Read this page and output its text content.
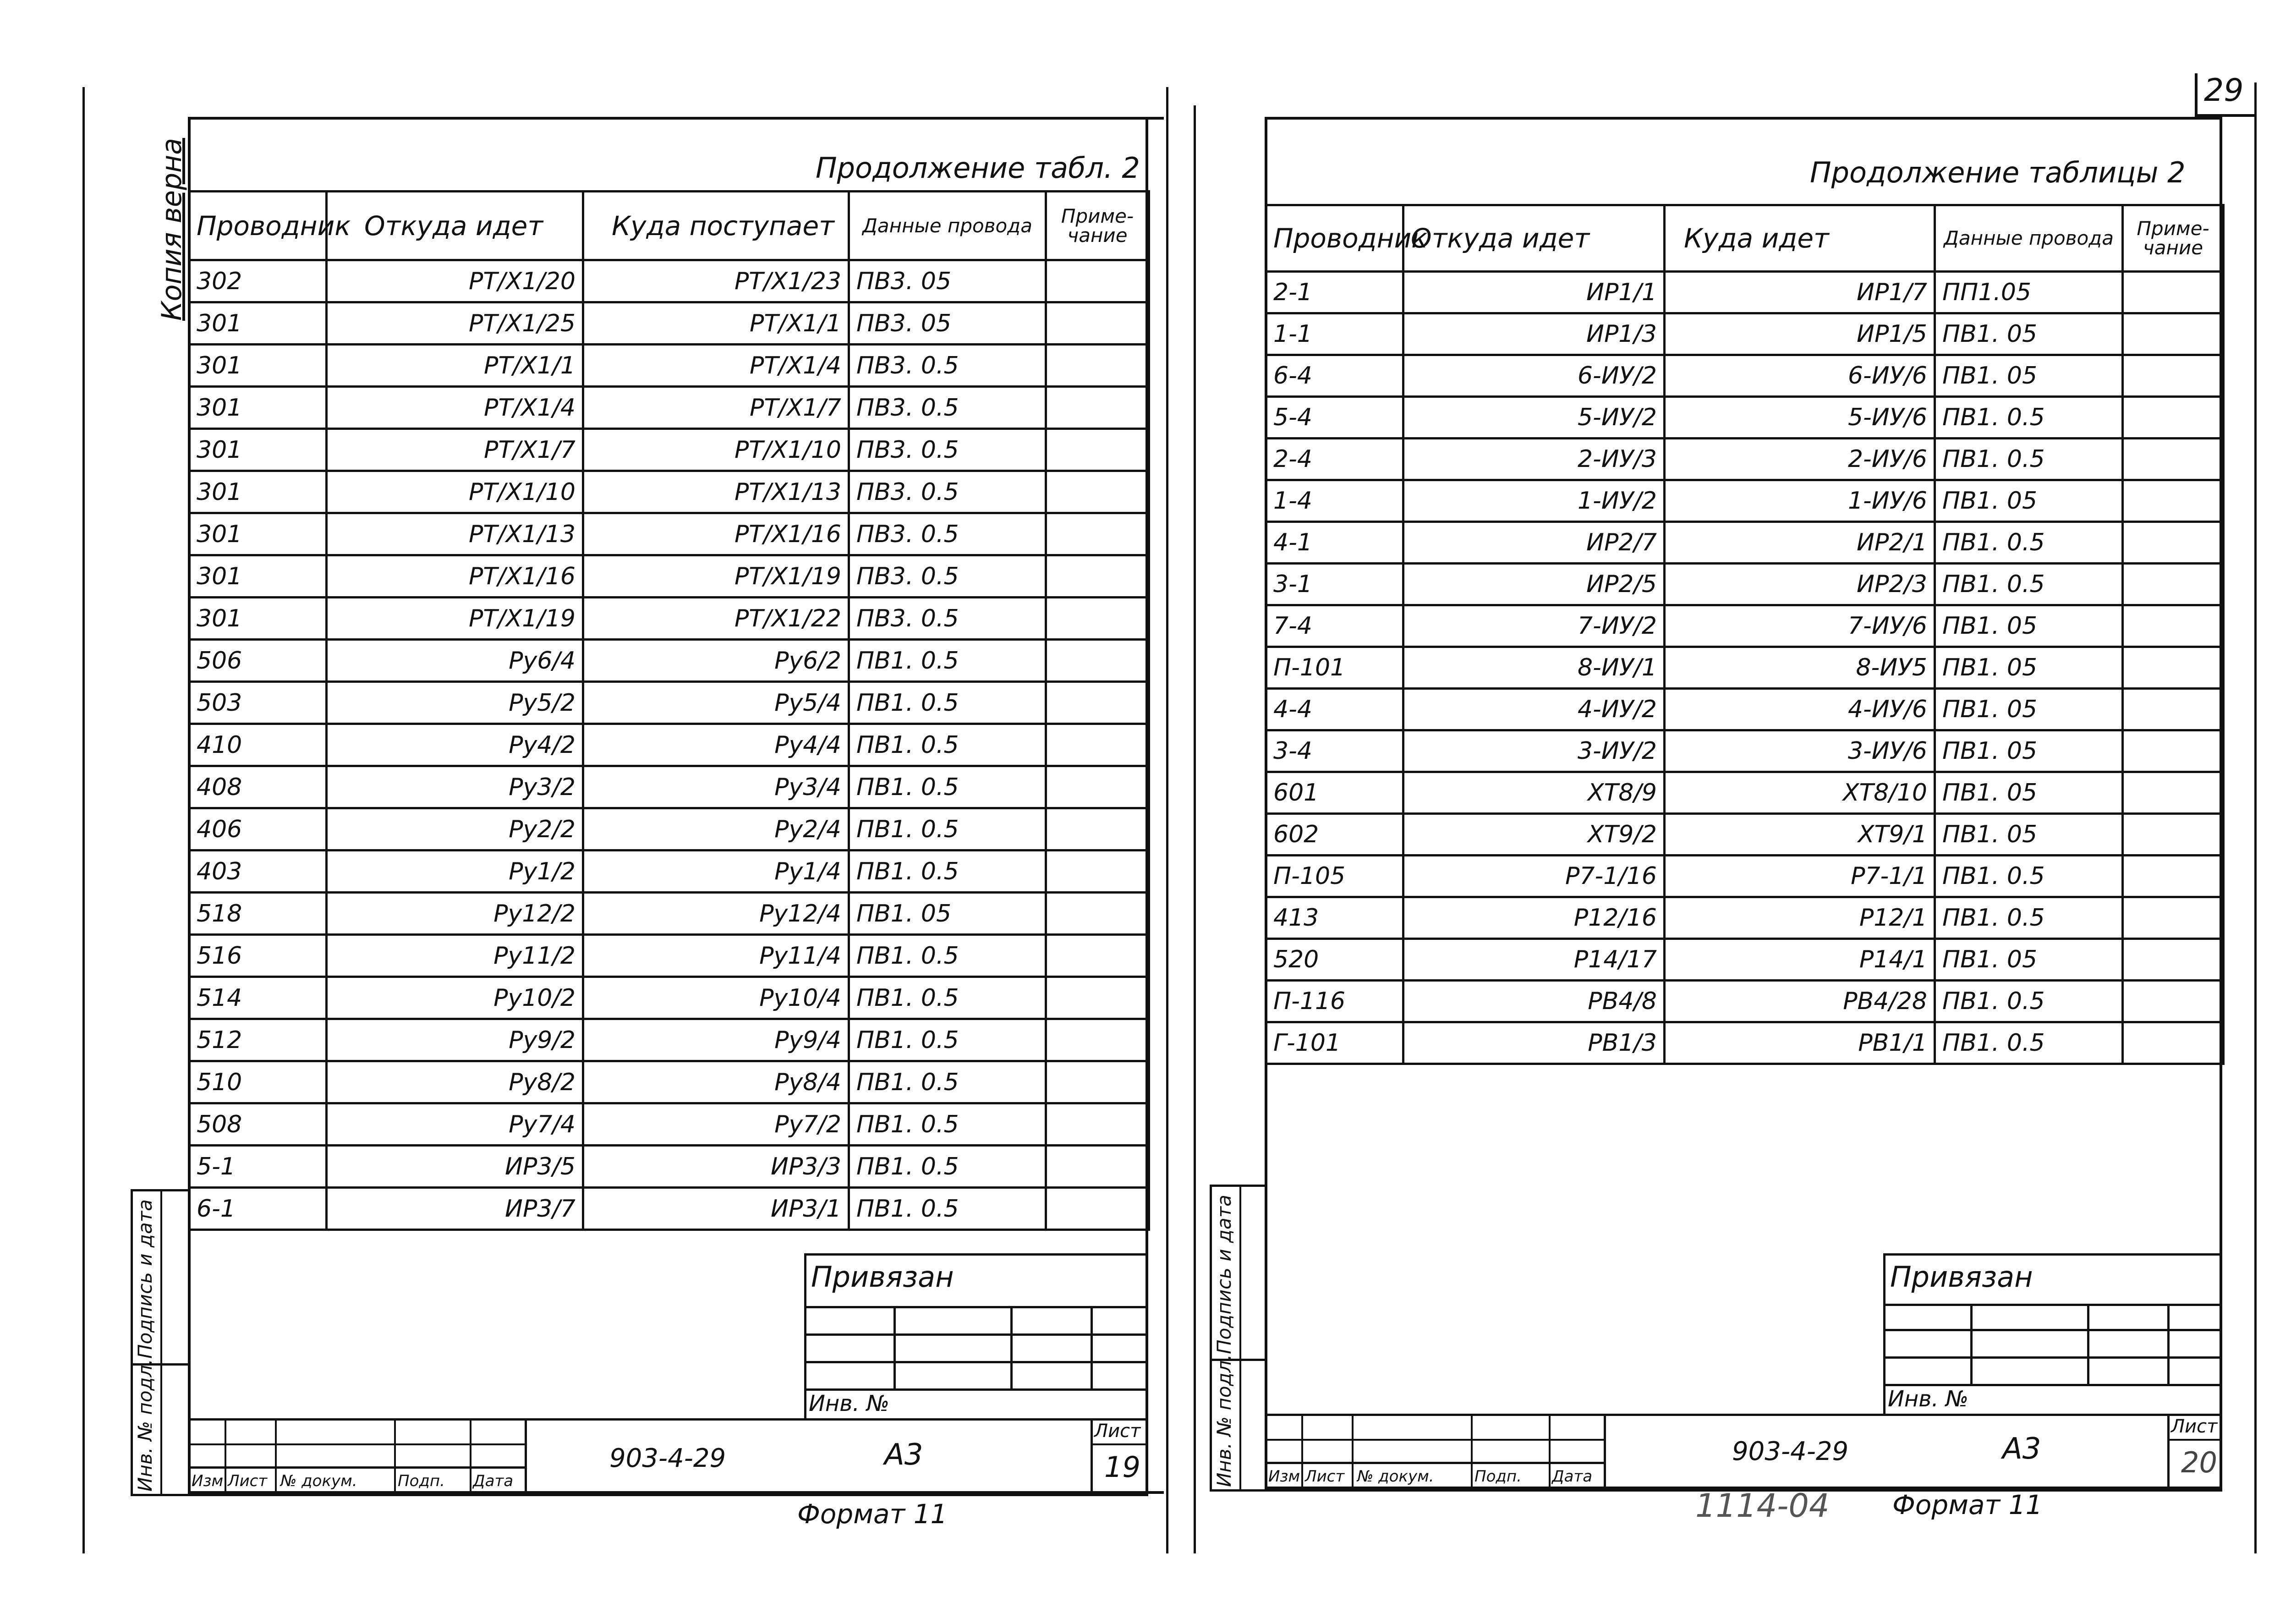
29
Копия верна	Продолжение табл. 2
Проводник	Откуда идет	Куда поступает	Данные провода	Приме-чание
302	PT/X1/20	PT/X1/23	ПВ3. 05	
301	PT/X1/25	PT/X1/1	ПВ3. 05	
301	PT/X1/1	PT/X1/4	ПВ3. 0.5	
301	PT/X1/4	PT/X1/7	ПВ3. 0.5	
301	PT/X1/7	PT/X1/10	ПВ3. 0.5	
301	PT/X1/10	PT/X1/13	ПВ3. 0.5	
301	PT/X1/13	PT/X1/16	ПВ3. 0.5	
301	PT/X1/16	PT/X1/19	ПВ3. 0.5	
301	PT/X1/19	PT/X1/22	ПВ3. 0.5	
506	Ру6/4	Ру6/2	ПВ1. 0.5	
503	Ру5/2	Ру5/4	ПВ1. 0.5	
410	Ру4/2	Ру4/4	ПВ1. 0.5	
408	Ру3/2	Ру3/4	ПВ1. 0.5	
406	Ру2/2	Ру2/4	ПВ1. 0.5	
403	Ру1/2	Ру1/4	ПВ1. 0.5	
518	Ру12/2	Ру12/4	ПВ1. 05	
516	Ру11/2	Ру11/4	ПВ1. 0.5	
514	Ру10/2	Ру10/4	ПВ1. 0.5	
512	Ру9/2	Ру9/4	ПВ1. 0.5	
510	Ру8/2	Ру8/4	ПВ1. 0.5	
508	Ру7/4	Ру7/2	ПВ1. 0.5	
5-1	ИР3/5	ИР3/3	ПВ1. 0.5	
6-1	ИР3/7	ИР3/1	ПВ1. 0.5	
Привязан
Инв. №
Изм Лист № докум.	Подп. Дата
903-4-29	А3
Лист
19
Формат 11
Инв. № подл.
Подпись и дата
Продолжение таблицы 2
Проводник	Откуда идет	Куда идет	Данные провода	Приме-чание
2-1	ИР1/1	ИР1/7	ПП1.05	
1-1	ИР1/3	ИР1/5	ПВ1. 05	
6-4	6-ИУ/2	6-ИУ/6	ПВ1. 05	
5-4	5-ИУ/2	5-ИУ/6	ПВ1. 0.5	
2-4	2-ИУ/3	2-ИУ/6	ПВ1. 0.5	
1-4	1-ИУ/2	1-ИУ/6	ПВ1. 05	
4-1	ИР2/7	ИР2/1	ПВ1. 0.5	
3-1	ИР2/5	ИР2/3	ПВ1. 0.5	
7-4	7-ИУ/2	7-ИУ/6	ПВ1. 05	
П-101	8-ИУ/1	8-ИУ5	ПВ1. 05	
4-4	4-ИУ/2	4-ИУ/6	ПВ1. 05	
3-4	3-ИУ/2	3-ИУ/6	ПВ1. 05	
601	XT8/9	XT8/10	ПВ1. 05	
602	XT9/2	XT9/1	ПВ1. 05	
П-105	P7-1/16	P7-1/1	ПВ1. 0.5	
413	P12/16	P12/1	ПВ1. 0.5	
520	P14/17	P14/1	ПВ1. 05	
П-116	PB4/8	PB4/28	ПВ1. 0.5	
Г-101	PB1/3	PB1/1	ПВ1. 0.5	
Привязан
Инв. №
Изм Лист № докум.	Подп. Дата
903-4-29	А3
Лист
20
1114-04 Формат 11
Инв. № подл.
Подпись и дата
